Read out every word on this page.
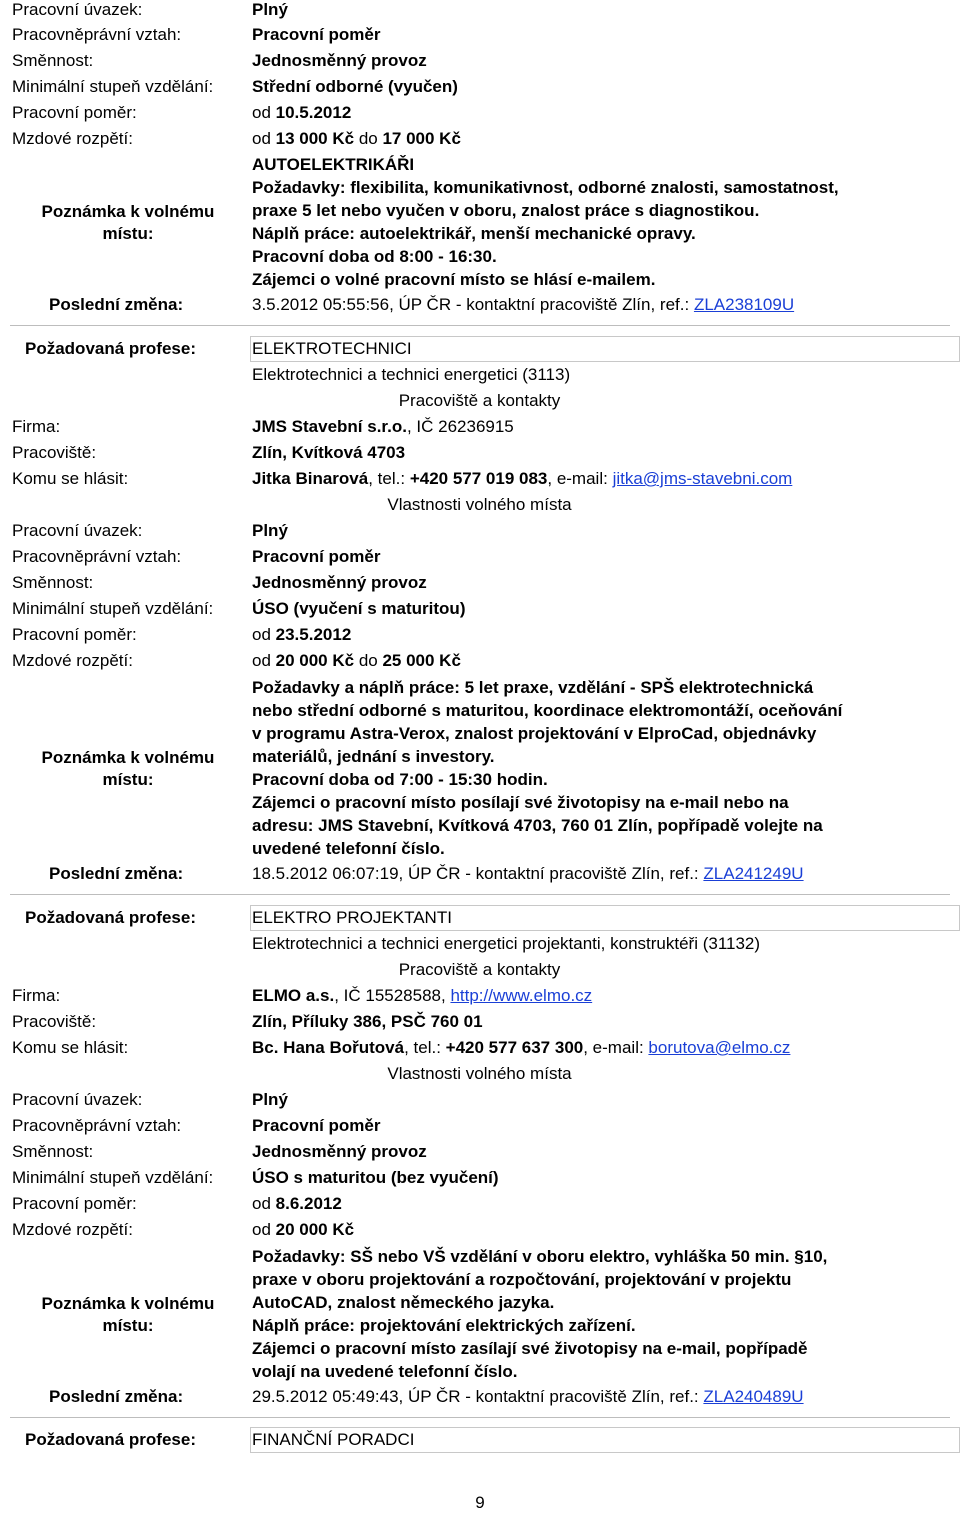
Pracovní úvazek:	Plný
Pracovněprávní vztah:	Pracovní poměr
Směnnost:	Jednosměnný provoz
Minimální stupeň vzdělání: Střední odborné (vyučen)
Pracovní poměr:	od 10.5.2012
Mzdové rozpětí:	od 13 000 Kč do 17 000 Kč
Poznámka k volnému
místu:
AUTOELEKTRIKÁŘI
Požadavky: flexibilita, komunikativnost, odborné znalosti, samostatnost,
praxe 5 let nebo vyučen v oboru, znalost práce s diagnostikou.
Náplň práce: autoelektrikář, menší mechanické opravy.
Pracovní doba od 8:00 - 16:30.
Zájemci o volné pracovní místo se hlásí e-mailem.
Poslední změna:	3.5.2012 05:55:56, ÚP ČR - kontaktní pracoviště Zlín, ref.: ZLA238109U
Požadovaná profese:	ELEKTROTECHNICI
Elektrotechnici a technici energetici (3113)
Pracoviště a kontakty
Firma:	JMS Stavební s.r.o., IČ 26236915
Pracoviště:	Zlín, Kvítková 4703
Komu se hlásit:	Jitka Binarová, tel.: +420 577 019 083, e-mail: jitka@jms-stavebni.com
Vlastnosti volného místa
Pracovní úvazek:	Plný
Pracovněprávní vztah:	Pracovní poměr
Směnnost:	Jednosměnný provoz
Minimální stupeň vzdělání: ÚSO (vyučení s maturitou)
Pracovní poměr:	od 23.5.2012
Mzdové rozpětí:	od 20 000 Kč do 25 000 Kč
Poznámka k volnému
místu:
Požadavky a náplň práce: 5 let praxe, vzdělání - SPŠ elektrotechnická
nebo střední odborné s maturitou, koordinace elektromontáží, oceňování
v programu Astra-Verox, znalost projektování v ElproCad, objednávky
materiálů, jednání s investory.
Pracovní doba od 7:00 - 15:30 hodin.
Zájemci o pracovní místo posílají své životopisy na e-mail nebo na
adresu: JMS Stavební, Kvítková 4703, 760 01 Zlín, popřípadě volejte na
uvedené telefonní číslo.
Poslední změna:	18.5.2012 06:07:19, ÚP ČR - kontaktní pracoviště Zlín, ref.: ZLA241249U
Požadovaná profese:	ELEKTRO PROJEKTANTI
Elektrotechnici a technici energetici projektanti, konstruktéři (31132)
Pracoviště a kontakty
Firma:	ELMO a.s., IČ 15528588, http://www.elmo.cz
Pracoviště:	Zlín, Příluky 386, PSČ 760 01
Komu se hlásit:	Bc. Hana Bořutová, tel.: +420 577 637 300, e-mail: borutova@elmo.cz
Vlastnosti volného místa
Pracovní úvazek:	Plný
Pracovněprávní vztah:	Pracovní poměr
Směnnost:	Jednosměnný provoz
Minimální stupeň vzdělání: ÚSO s maturitou (bez vyučení)
Pracovní poměr:	od 8.6.2012
Mzdové rozpětí:	od 20 000 Kč
Poznámka k volnému
místu:
Požadavky: SŠ nebo VŠ vzdělání v oboru elektro, vyhláška 50 min. §10,
praxe v oboru projektování a rozpočtování, projektování v projektu
AutoCAD, znalost německého jazyka.
Náplň práce: projektování elektrických zařízení.
Zájemci o pracovní místo zasílají své životopisy na e-mail, popřípadě
volají na uvedené telefonní číslo.
Poslední změna:	29.5.2012 05:49:43, ÚP ČR - kontaktní pracoviště Zlín, ref.: ZLA240489U
Požadovaná profese:	FINANČNÍ PORADCI
9
